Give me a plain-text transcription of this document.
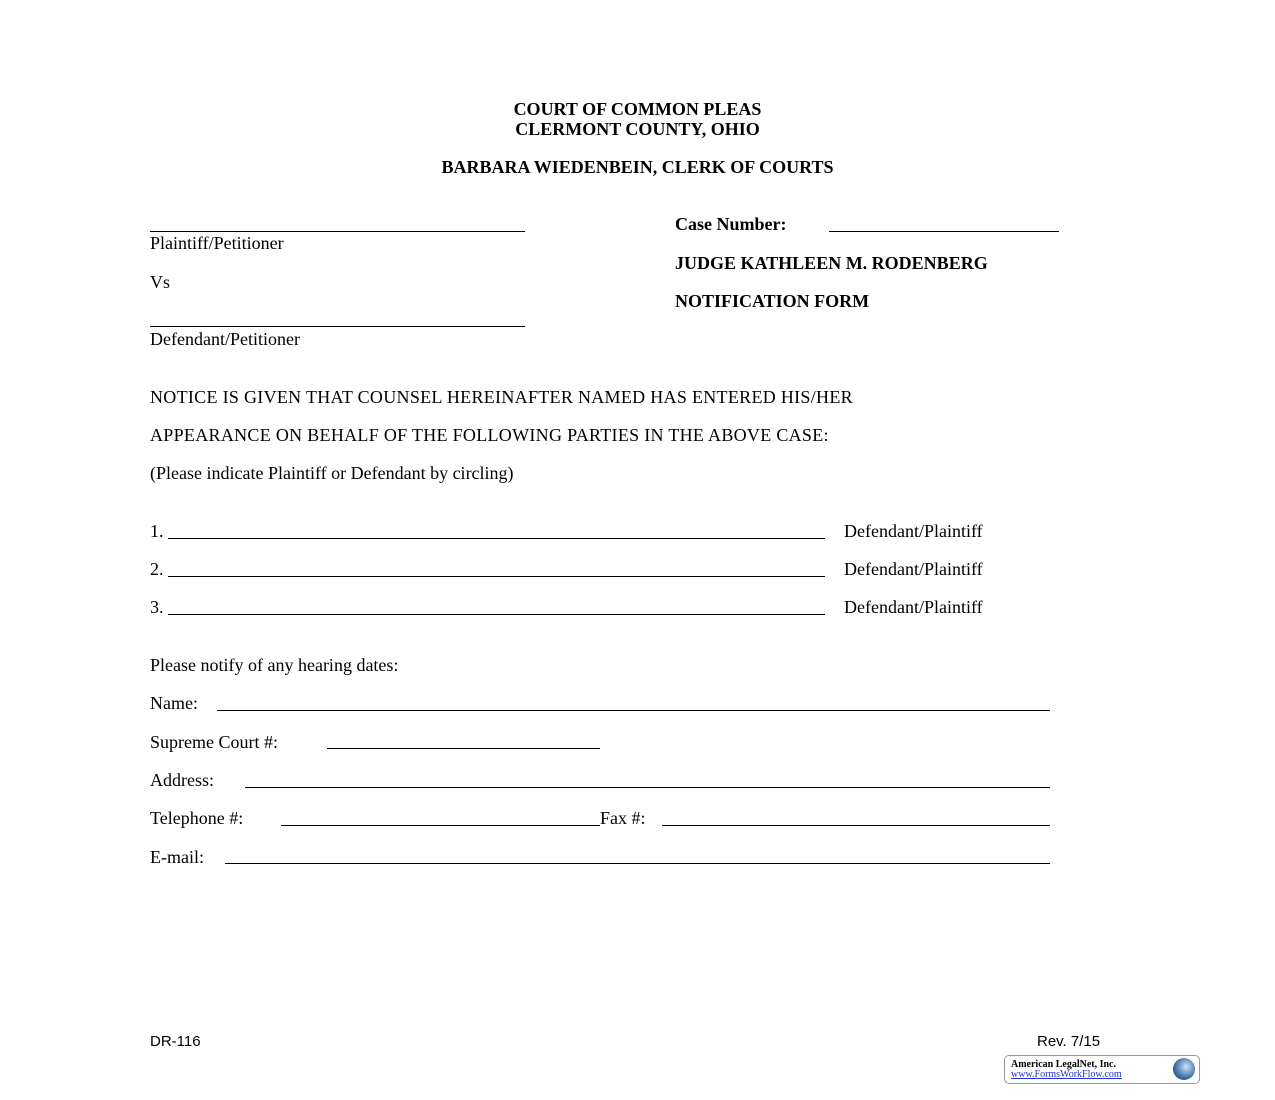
COURT OF COMMON PLEAS
CLERMONT COUNTY, OHIO
BARBARA WIEDENBEIN, CLERK OF COURTS
Plaintiff/Petitioner
Vs
Defendant/Petitioner
Case Number:
JUDGE KATHLEEN M. RODENBERG
NOTIFICATION FORM
NOTICE IS GIVEN THAT COUNSEL HEREINAFTER NAMED HAS ENTERED HIS/HER
APPEARANCE ON BEHALF OF THE FOLLOWING PARTIES IN THE ABOVE CASE:
(Please indicate Plaintiff or Defendant by circling)
1.	Defendant/Plaintiff
2.	Defendant/Plaintiff
3.	Defendant/Plaintiff
Please notify of any hearing dates:
Name:
Supreme Court #:
Address:
Telephone #:	Fax #:
E-mail:
DR-116	Rev. 7/15
American LegalNet, Inc.
www.FormsWorkFlow.com
